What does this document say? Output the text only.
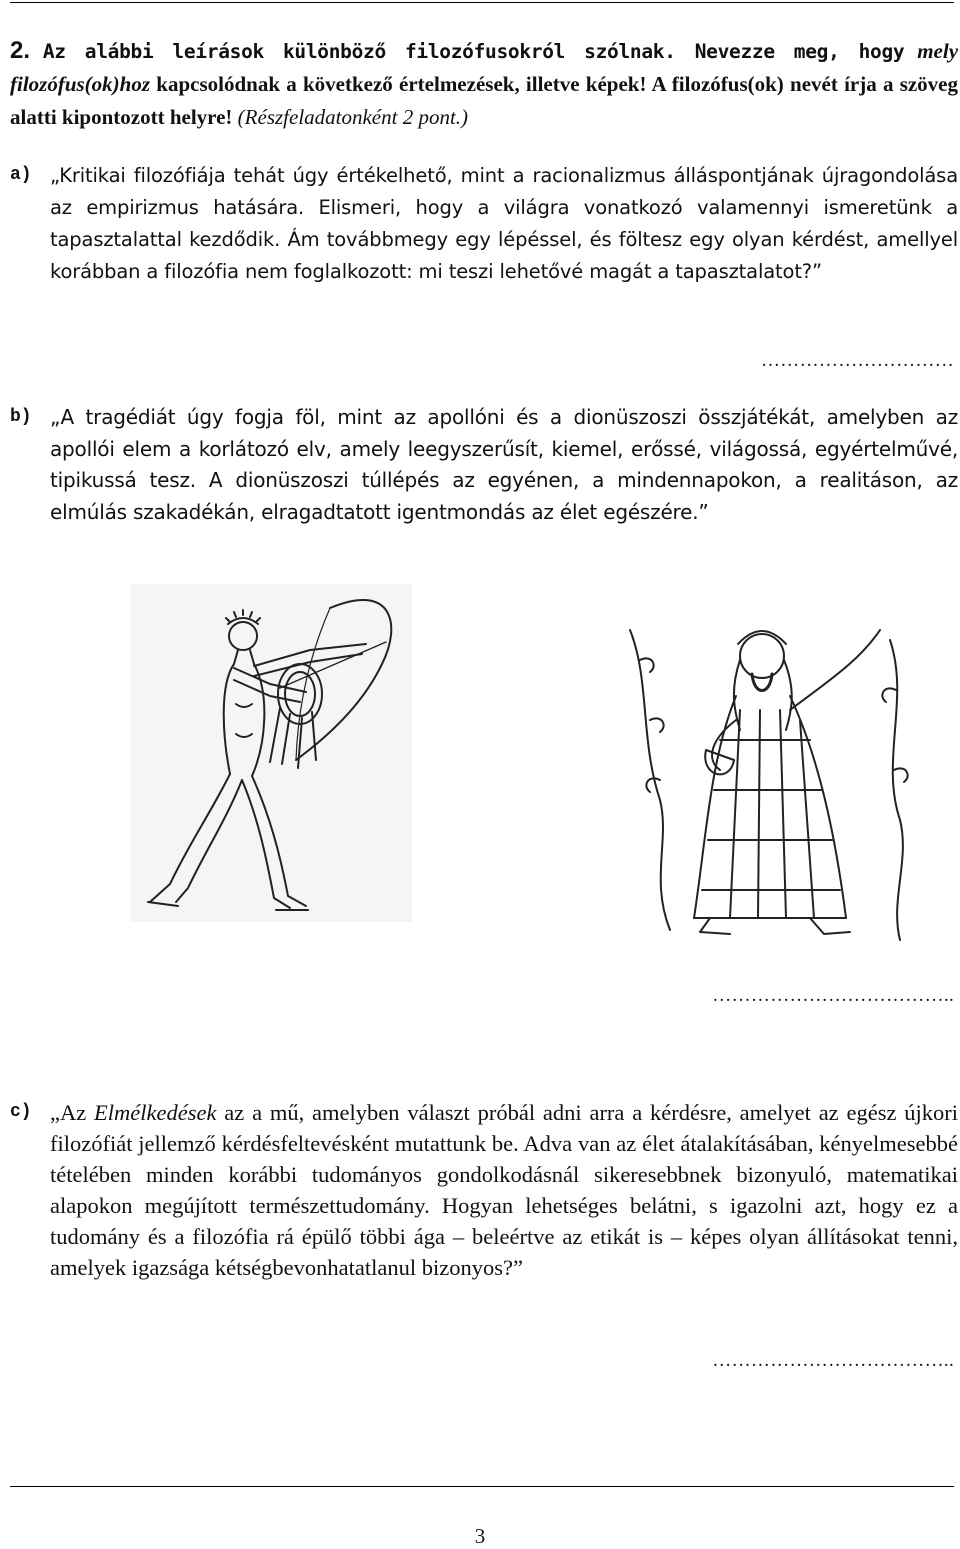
2. Az alábbi leírások különböző filozófusokról szólnak. Nevezze meg, hogy mely filozófus(ok)hoz kapcsolódnak a következő értelmezések, illetve képek! A filozófus(ok) nevét írja a szöveg alatti kipontozott helyre! (Részfeladatonként 2 pont.)
a) „Kritikai filozófiája tehát úgy értékelhető, mint a racionalizmus álláspontjának újragondolása az empirizmus hatására. Elismeri, hogy a világra vonatkozó valamennyi ismeretünk a tapasztalattal kezdődik. Ám továbbmegy egy lépéssel, és föltesz egy olyan kérdést, amellyel korábban a filozófia nem foglalkozott: mi teszi lehetővé magát a tapasztalatot?”
…………………………
b) „A tragédiát úgy fogja föl, mint az apollóni és a dionüszoszi összjátékát, amelyben az apollói elem a korlátozó elv, amely leegyszerűsít, kiemel, erőssé, világossá, egyértelművé, tipikussá tesz. A dionüszoszi túllépés az egyénen, a mindennapokon, a realitáson, az elmúlás szakadékán, elragadtatott igentmondás az élet egészére.”
………………………………..
c) „Az Elmélkedések az a mű, amelyben választ próbál adni arra a kérdésre, amelyet az egész újkori filozófiát jellemző kérdésfeltevésként mutattunk be. Adva van az élet átalakításában, kényelmesebbé tételében minden korábbi tudományos gondolkodásnál sikeresebbnek bizonyuló, matematikai alapokon megújított természettudomány. Hogyan lehetséges belátni, s igazolni azt, hogy ez a tudomány és a filozófia rá épülő többi ága – beleértve az etikát is – képes olyan állításokat tenni, amelyek igazsága kétségbevonhatatlanul bizonyos?”
………………………………..
3
